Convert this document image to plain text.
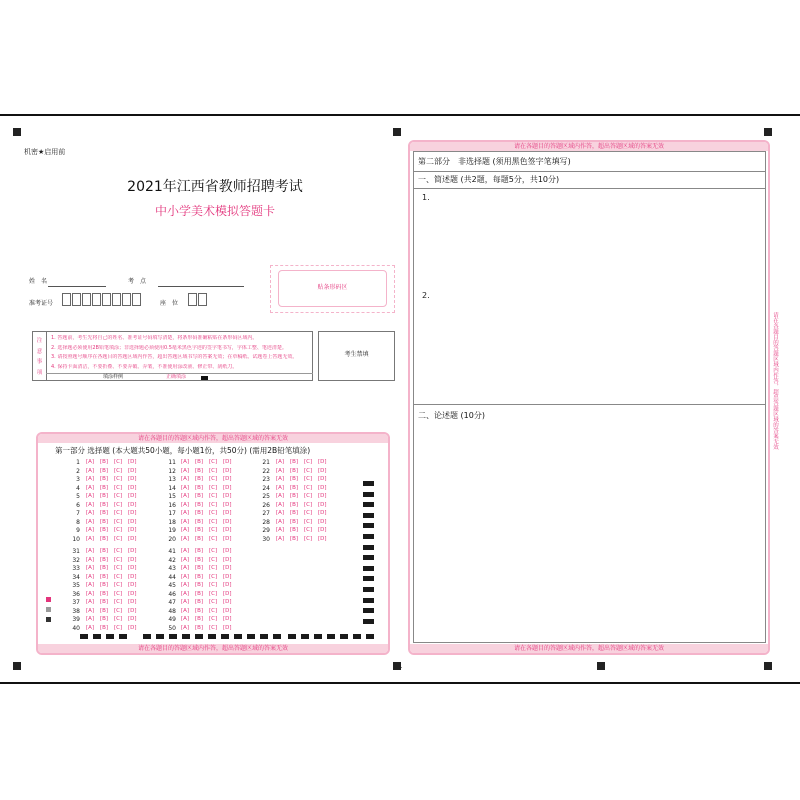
机密★启用前
2021年江西省教师招聘考试
中小学美术模拟答题卡
姓　名	考　点
准考证号	座　位
贴条形码区
注
意
事
项
1. 答题前，考生先将自己的姓名、准考证号码填写清楚，将条形码准确粘贴在条形码区域内。
2. 选择题必须使用2B铅笔填涂；非选择题必须使用0.5毫米黑色字迹的签字笔书写，字体工整、笔迹清楚。
3. 请按照题号顺序在各题目的答题区域内作答，超出答题区域书写的答案无效；在草稿纸、试题卷上答题无效。
4. 保持卡面清洁，不要折叠、不要弄破、弄皱，不准使用涂改液、修正带、刮纸刀。
填涂样例	正确填涂
考生禁填
请在各题目的答题区域内作答，超出答题区域的答案无效
请在各题目的答题区域内作答，超出答题区域的答案无效
第一部分 选择题 (本大题共50小题，每小题1份，共50分) (需用2B铅笔填涂)
1 [A] [B] [C] [D]
2 [A] [B] [C] [D]
3 [A] [B] [C] [D]
4 [A] [B] [C] [D]
5 [A] [B] [C] [D]
6 [A] [B] [C] [D]
7 [A] [B] [C] [D]
8 [A] [B] [C] [D]
9 [A] [B] [C] [D]
10 [A] [B] [C] [D]
11 [A] [B] [C] [D]
12 [A] [B] [C] [D]
13 [A] [B] [C] [D]
14 [A] [B] [C] [D]
15 [A] [B] [C] [D]
16 [A] [B] [C] [D]
17 [A] [B] [C] [D]
18 [A] [B] [C] [D]
19 [A] [B] [C] [D]
20 [A] [B] [C] [D]
21 [A] [B] [C] [D]
22 [A] [B] [C] [D]
23 [A] [B] [C] [D]
24 [A] [B] [C] [D]
25 [A] [B] [C] [D]
26 [A] [B] [C] [D]
27 [A] [B] [C] [D]
28 [A] [B] [C] [D]
29 [A] [B] [C] [D]
30 [A] [B] [C] [D]
31 [A] [B] [C] [D]
32 [A] [B] [C] [D]
33 [A] [B] [C] [D]
34 [A] [B] [C] [D]
35 [A] [B] [C] [D]
36 [A] [B] [C] [D]
37 [A] [B] [C] [D]
38 [A] [B] [C] [D]
39 [A] [B] [C] [D]
40 [A] [B] [C] [D]
41 [A] [B] [C] [D]
42 [A] [B] [C] [D]
43 [A] [B] [C] [D]
44 [A] [B] [C] [D]
45 [A] [B] [C] [D]
46 [A] [B] [C] [D]
47 [A] [B] [C] [D]
48 [A] [B] [C] [D]
49 [A] [B] [C] [D]
50 [A] [B] [C] [D]
1
请在各题目的答题区域内作答，超出答题区域的答案无效
请在各题目的答题区域内作答，超出答题区域的答案无效
第二部分　非选择题 (须用黑色签字笔填写)
一、简述题 (共2题，每题5分，共10分)
1.
2.
二、论述题 (10分)	请在各题目的答题区域内作答，超出答题区域的答案无效
